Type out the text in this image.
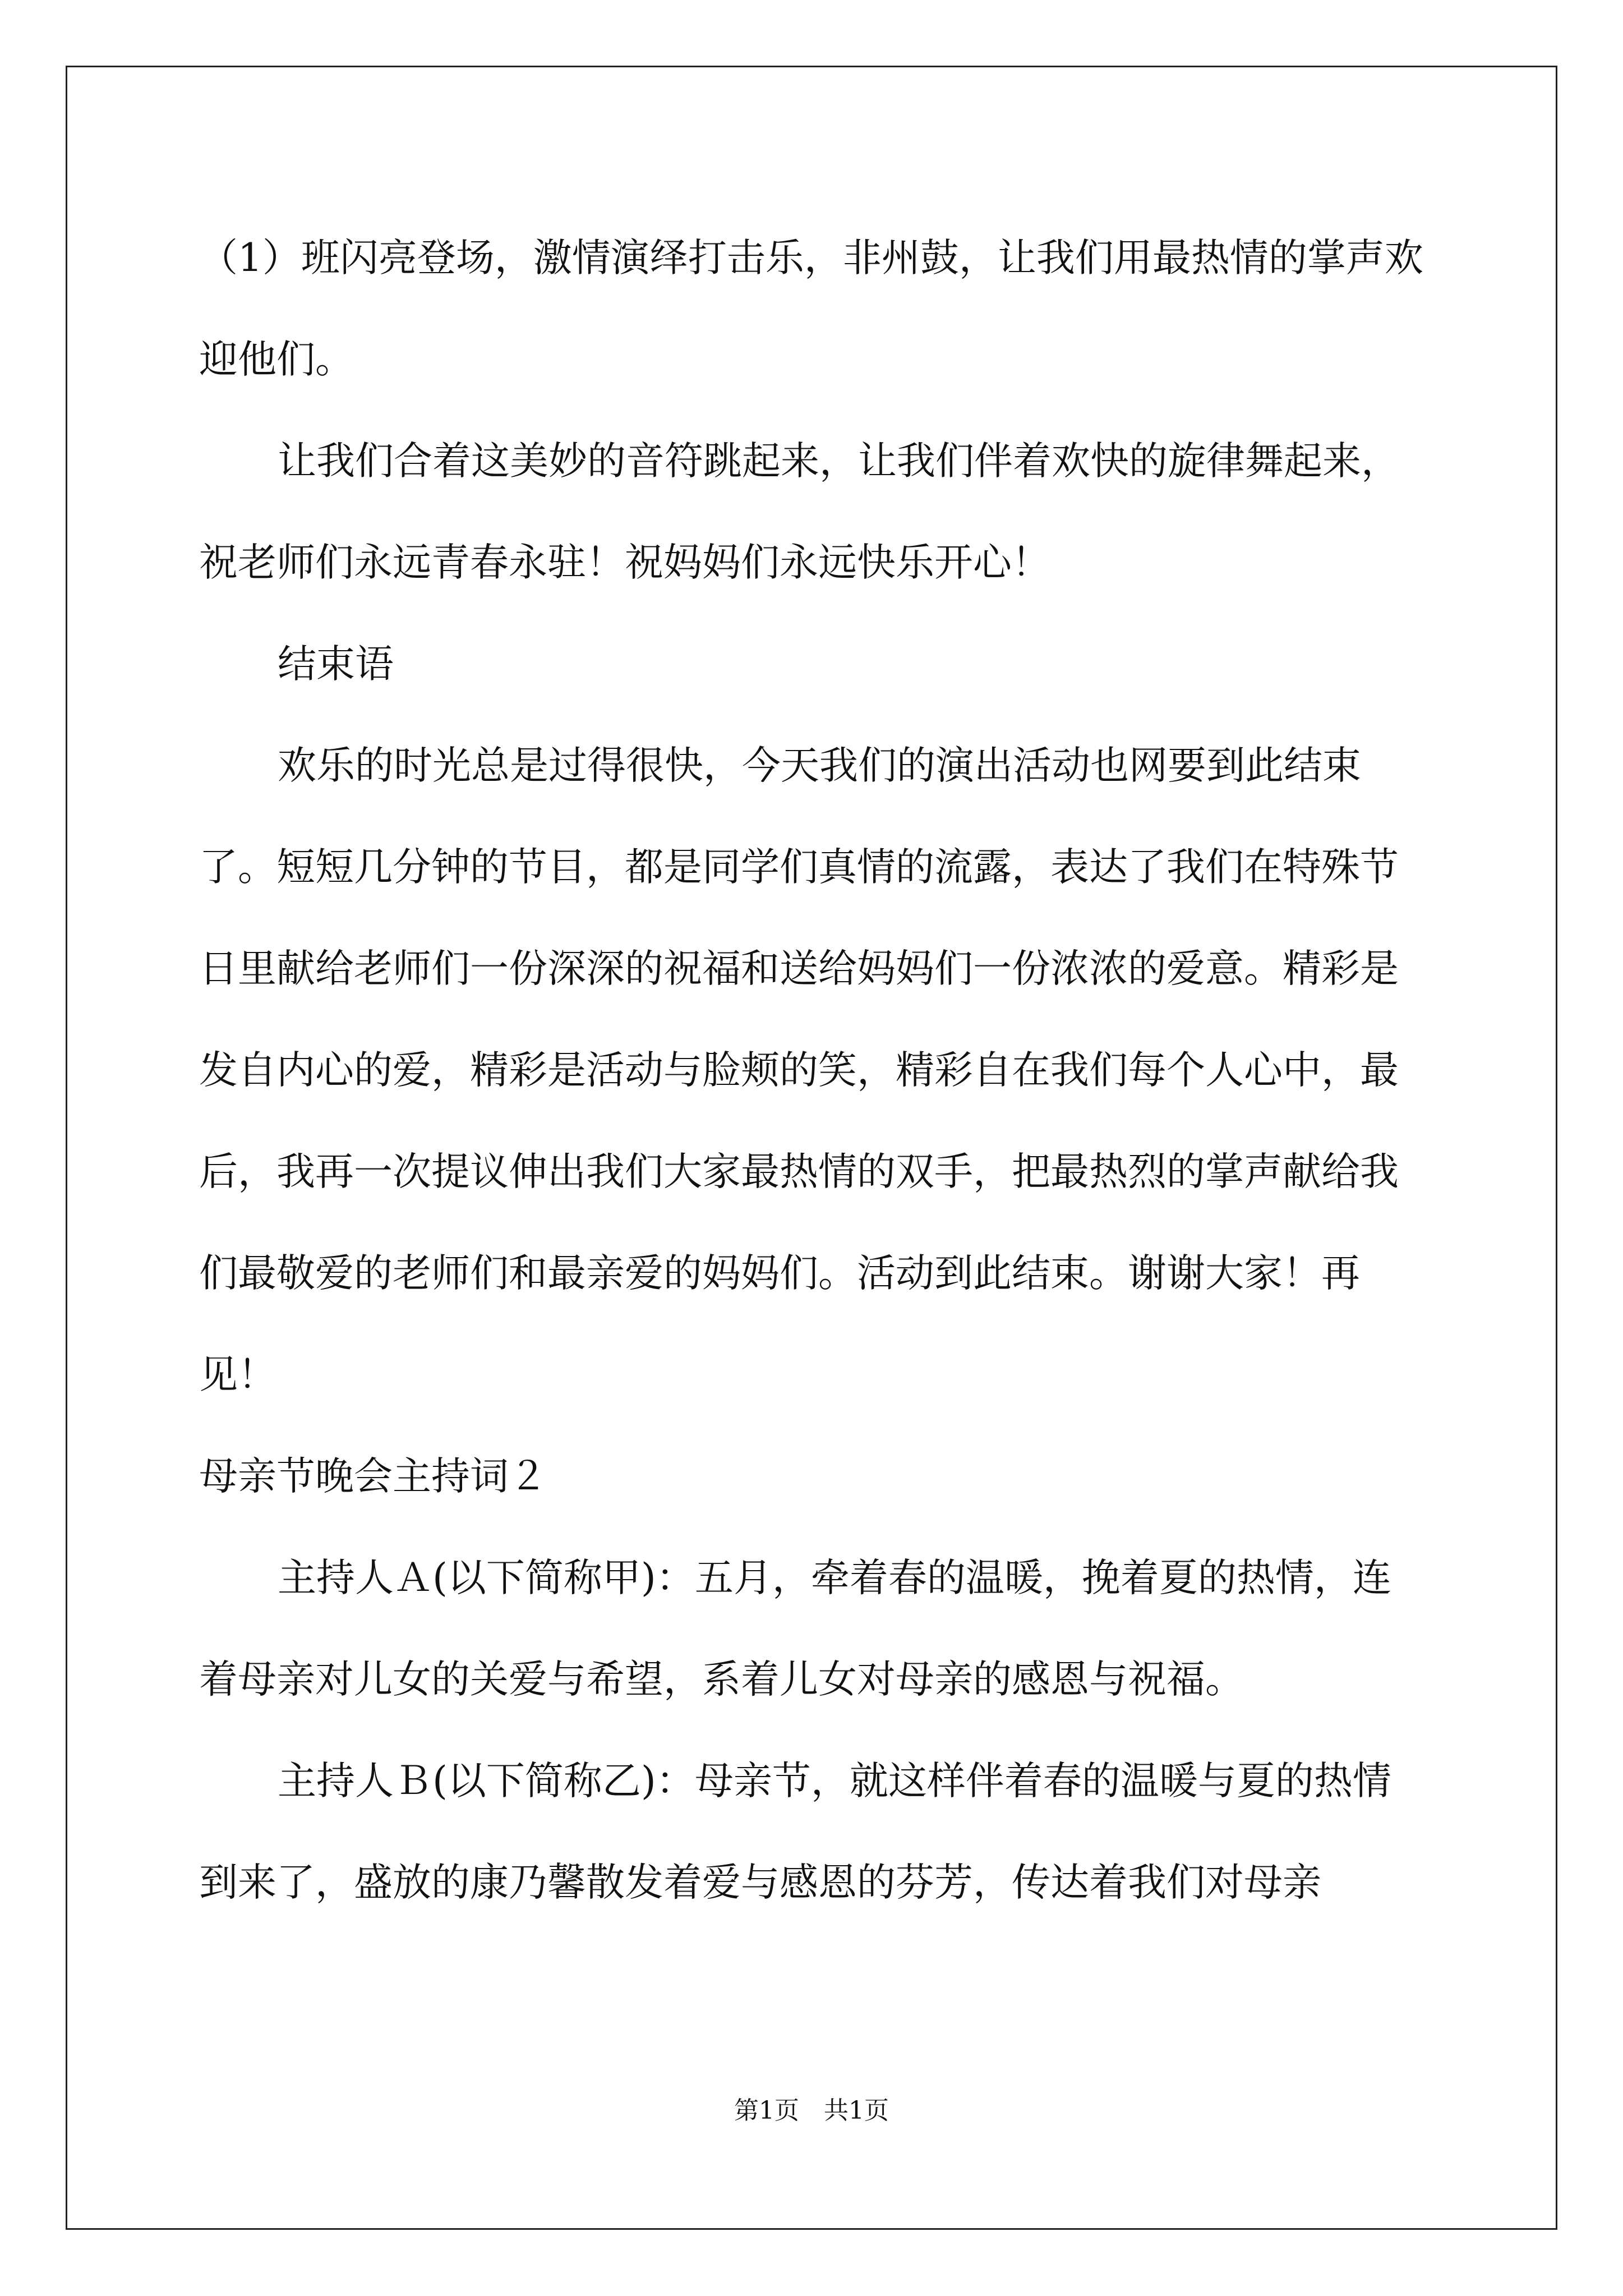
（1）班闪亮登场，激情演绎打击乐，非州鼓，让我们用最热情的掌声欢迎他们。

让我们合着这美妙的音符跳起来，让我们伴着欢快的旋律舞起来，祝老师们永远青春永驻！祝妈妈们永远快乐开心！

结束语

欢乐的时光总是过得很快，今天我们的演出活动也网要到此结束了。短短几分钟的节目，都是同学们真情的流露，表达了我们在特殊节日里献给老师们一份深深的祝福和送给妈妈们一份浓浓的爱意。精彩是发自内心的爱，精彩是活动与脸颊的笑，精彩自在我们每个人心中，最后，我再一次提议伸出我们大家最热情的双手，把最热烈的掌声献给我们最敬爱的老师们和最亲爱的妈妈们。活动到此结束。谢谢大家！再见！

母亲节晚会主持词２

主持人Ａ(以下简称甲)：五月，牵着春的温暖，挽着夏的热情，连着母亲对儿女的关爱与希望，系着儿女对母亲的感恩与祝福。

主持人Ｂ(以下简称乙)：母亲节，就这样伴着春的温暖与夏的热情到来了，盛放的康乃馨散发着爱与感恩的芬芳，传达着我们对母亲

第1页　共1页
